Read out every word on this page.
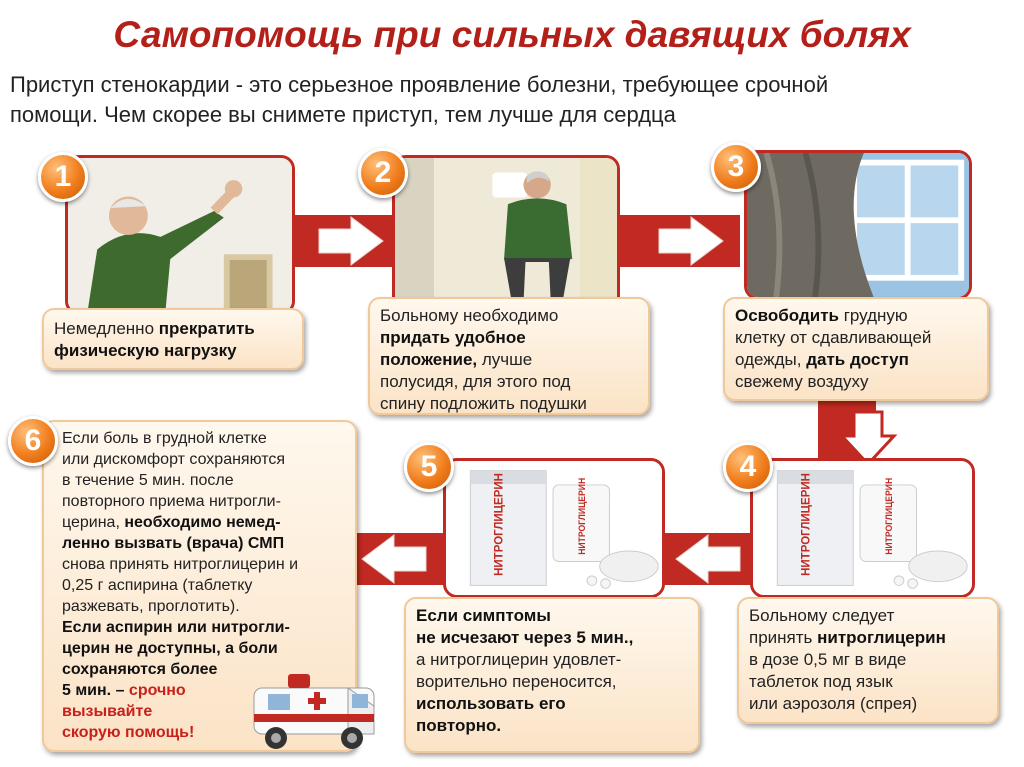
Самопомощь при сильных давящих болях
Приступ стенокардии - это серьезное проявление болезни, требующее срочной
помощи. Чем скорее вы снимете приступ, тем лучше для сердца
НИТРОГЛИЦЕРИН	НИТРОГЛИЦЕРИН
НИТРОГЛИЦЕРИН	НИТРОГЛИЦЕРИН
Немедленно прекратить
физическую нагрузку
Больному необходимо
придать удобное
положение, лучше
полусидя, для этого под
спину подложить подушки
Освободить грудную
клетку от сдавливающей
одежды, дать доступ
свежему воздуху
Больному следует
принять нитроглицерин
в дозе 0,5 мг в виде
таблеток под язык
или аэрозоля (спрея)
Если симптомы
не исчезают через 5 мин.,
а нитроглицерин удовлет-
ворительно переносится,
использовать его
повторно.
Если боль в грудной клетке
или дискомфорт сохраняются
в течение 5 мин. после
повторного приема нитрогли-
церина, необходимо немед-
ленно вызвать (врача) СМП
снова принять нитроглицерин и
0,25 г аспирина (таблетку
разжевать, проглотить).
Если аспирин или нитрогли-
церин не доступны, а боли
сохраняются более
5 мин. – срочно
вызывайте
скорую помощь!
1	2	3
4
5
6
